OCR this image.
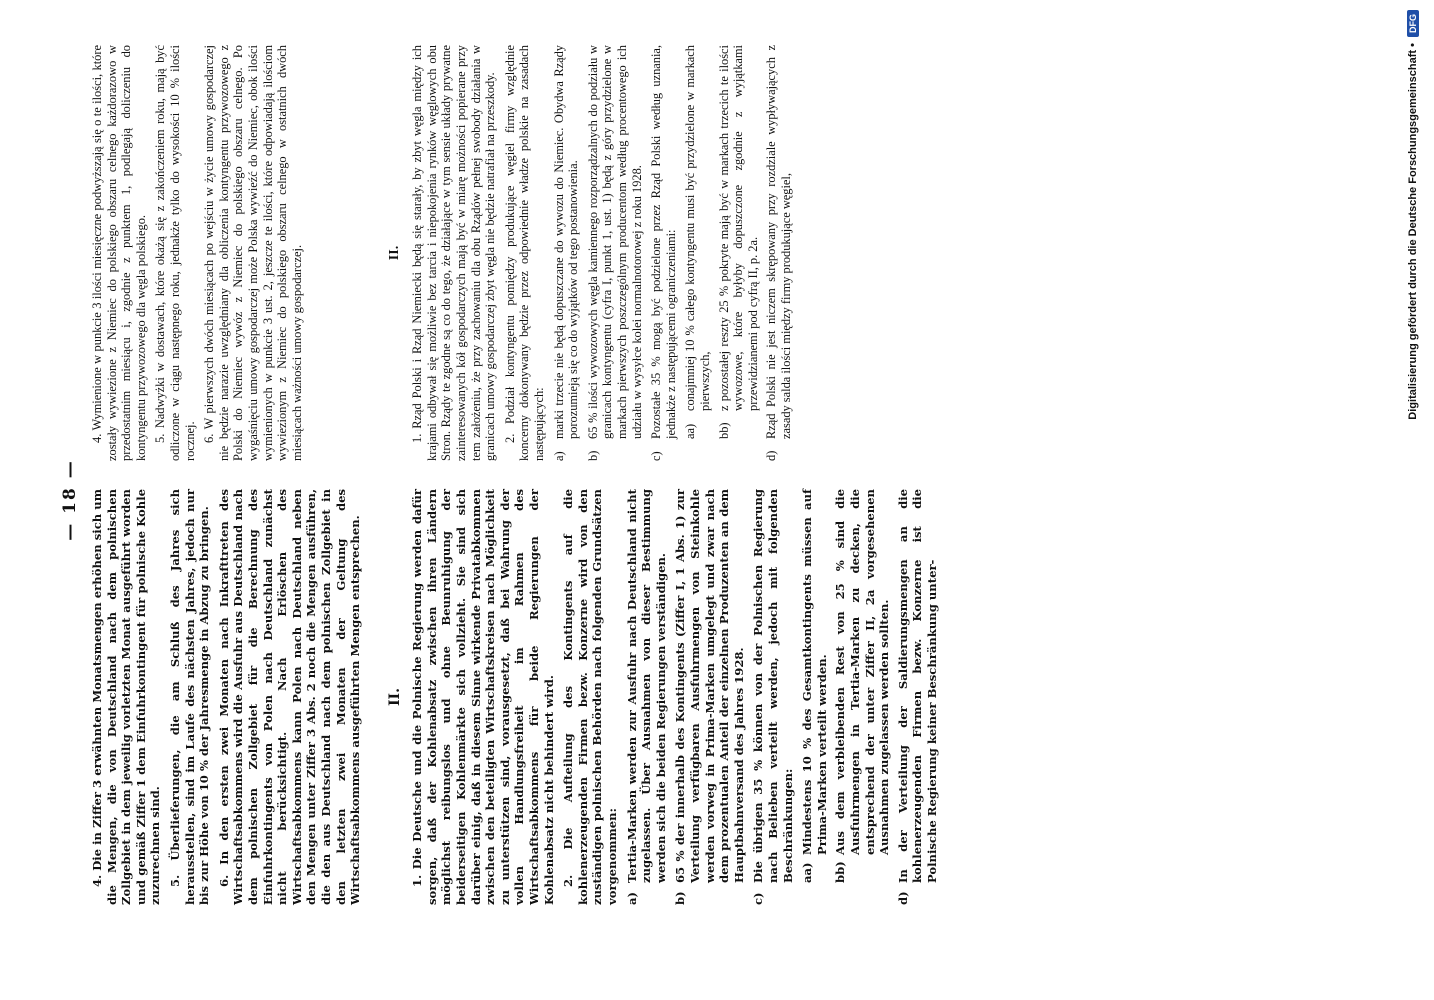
— 18 — 4. Die in Ziffer 3 erwähnten Monatsmengen erhöhen sich um die Mengen, die von Deutschland nach dem polnischen Zollgebiet in dem jeweilig vorletzten Monat ausgeführt worden und gemäß Ziffer 1 dem Einfuhrkontingent für polnische Kohle zuzurechnen sind. 5. Überlieferungen, die am Schluß des Jahres sich herausstellen, sind im Laufe des nächsten Jahres, jedoch nur bis zur Höhe von 10 % der Jahresmenge in Abzug zu bringen. 6. In den ersten zwei Monaten nach Inkrafttreten des Wirtschaftsabkommens wird die Ausfuhr aus Deutschland nach dem polnischen Zollgebiet für die Berechnung des Einfuhrkontingents von Polen nach Deutschland zunächst nicht berücksichtigt. Nach Erlöschen des Wirtschaftsabkommens kann Polen nach Deutschland neben den Mengen unter Ziffer 3 Abs. 2 noch die Mengen ausführen, die den aus Deutschland nach dem polnischen Zollgebiet in den letzten zwei Monaten der Geltung des Wirtschaftsabkommens ausgeführten Mengen entsprechen.
4. Wymienione w punkcie 3 ilości miesięczne podwyższają się o te ilości, które zostały wywiezione z Niemiec do polskiego obszaru celnego każdorazowo w przedostatnim miesiącu i, zgodnie z punktem 1, podlegają doliczeniu do kontyngentu przywozowego dla węgla polskiego. 5. Nadwyżki w dostawach, które okażą się z zakończeniem roku, mają być odliczone w ciągu następnego roku, jednakże tylko do wysokości 10 % ilości rocznej. 6. W pierwszych dwóch miesiącach po wejściu w życie umowy gospodarczej nie będzie narazie uwzględniany dla obliczenia kontyngentu przywozowego z Polski do Niemiec wywóz z Niemiec do polskiego obszaru celnego. Po wygaśnięciu umowy gospodarczej może Polska wywieźć do Niemiec, obok ilości wymienionych w punkcie 3 ust. 2, jeszcze te ilości, które odpowiadają ilościom wywiezionym z Niemiec do polskiego obszaru celnego w ostatnich dwóch miesiącach ważności umowy gospodarczej.
II. 1. Die Deutsche und die Polnische Regierung werden dafür sorgen, daß der Kohlenabsatz zwischen ihren Ländern möglichst reibungslos und ohne Beunruhigung der beiderseitigen Kohlenmärkte sich vollzieht. Sie sind sich darüber einig, daß in diesem Sinne wirkende Privatabkommen zwischen den beteiligten Wirtschaftskreisen nach Möglichkeit zu unterstützen sind, vorausgesetzt, daß bei Wahrung der vollen Handlungsfreiheit im Rahmen des Wirtschaftsabkommens für beide Regierungen der Kohlenabsatz nicht behindert wird. 2. Die Aufteilung des Kontingents auf die kohlenerzeugenden Firmen bezw. Konzerne wird von den zuständigen polnischen Behörden nach folgenden Grundsätzen vorgenommen: a)
Tertia-Marken werden zur Ausfuhr nach Deutschland nicht zugelassen. Über Ausnahmen von dieser Bestimmung werden sich die beiden Regierungen verständigen.
b)
65 % der innerhalb des Kontingents (Ziffer I, 1 Abs. 1) zur Verteilung verfügbaren Ausfuhrmengen von Steinkohle werden vorweg in Prima-Marken umgelegt und zwar nach dem prozentualen Anteil der einzelnen Produzenten an dem Hauptbahnversand des Jahres 1928.
c)
Die übrigen 35 % können von der Polnischen Regierung nach Belieben verteilt werden, jedoch mit folgenden Beschränkungen: aa)
Mindestens 10 % des Gesamtkontingents müssen auf Prima-Marken verteilt werden.
bb)
Aus dem verbleibenden Rest von 25 % sind die Ausfuhrmengen in Tertia-Marken zu decken, die entsprechend der unter Ziffer II, 2a vorgesehenen Ausnahmen zugelassen werden sollten.
d)
In der Verteilung der Saldierungsmengen an die kohlenerzeugenden Firmen bezw. Konzerne ist die Polnische Regierung keiner Beschränkung unter-
II. 1. Rząd Polski i Rząd Niemiecki będą się starały, by zbyt węgla między ich krajami odbywał się możliwie bez tarcia i niepokojenia rynków węglowych obu Stron. Rządy te zgodne są co do tego, że działające w tym sensie układy prywatne zainteresowanych kół gospodarczych mają być w miarę możności popierane przy tem założeniu, że przy zachowaniu dla obu Rządów pełnej swobody działania w granicach umowy gospodarczej zbyt węgla nie będzie natrafiał na przeszkody. 2. Podział kontyngentu pomiędzy produkujące węgiel firmy względnie koncerny dokonywany będzie przez odpowiednie władze polskie na zasadach następujących: a)
marki trzecie nie będą dopuszczane do wywozu do Niemiec. Obydwa Rządy porozumieją się co do wyjątków od tego postanowienia.
b)
65 % ilości wywozowych węgla kamiennego rozporządzalnych do podziału w granicach kontyngentu (cyfra I, punkt 1, ust. 1) będą z góry przydzielone w markach pierwszych poszczególnym producentom według procentowego ich udziału w wysyłce kolei normalnotorowej z roku 1928.
c)
Pozostałe 35 % mogą być podzielone przez Rząd Polski według uznania, jednakże z następującemi ograniczeniami: aa)
conajmniej 10 % całego kontyngentu musi być przydzielone w markach pierwszych,
bb)
z pozostałej reszty 25 % pokryte mają być w markach trzecich te ilości wywozowe, które byłyby dopuszczone zgodnie z wyjątkami przewidzianemi pod cyfrą II, p. 2a.
d)
Rząd Polski nie jest niczem skrępowany przy rozdziale wypływających z zasady salda ilości między firmy produkujące węgiel,	Digitalisierung gefördert durch die Deutsche Forschungsgemeinschaft •
DFG
